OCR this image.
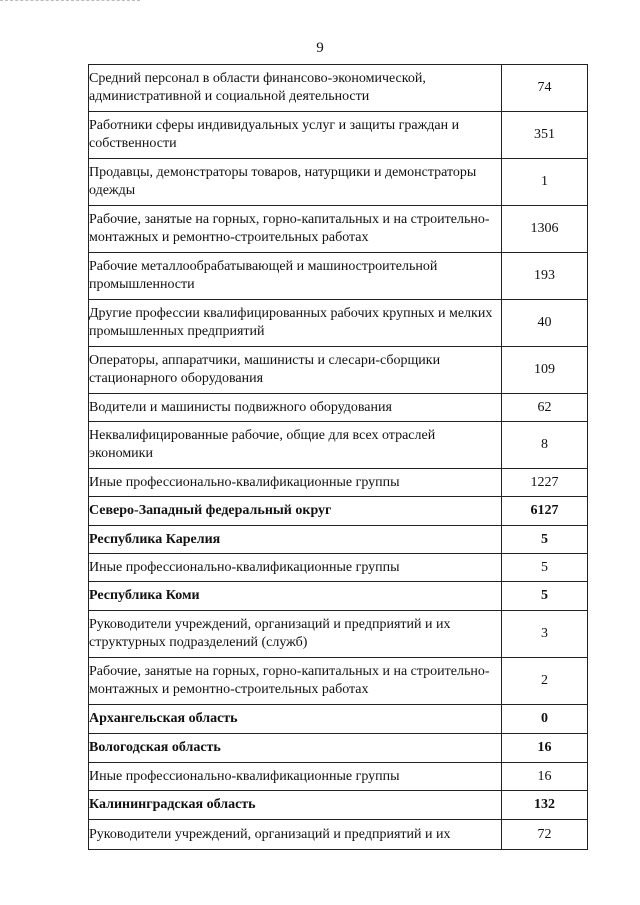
9
Средний персонал в области финансово-экономической, административной и социальной деятельности	74
Работники сферы индивидуальных услуг и защиты граждан и собственности	351
Продавцы, демонстраторы товаров, натурщики и демонстраторы одежды	1
Рабочие, занятые на горных, горно-капитальных и на строительно-монтажных и ремонтно-строительных работах	1306
Рабочие металлообрабатывающей и машиностроительной промышленности	193
Другие профессии квалифицированных рабочих крупных и мелких промышленных предприятий	40
Операторы, аппаратчики, машинисты и слесари-сборщики стационарного оборудования	109
Водители и машинисты подвижного оборудования	62
Неквалифицированные рабочие, общие для всех отраслей экономики	8
Иные профессионально-квалификационные группы	1227
Северо-Западный федеральный округ	6127
Республика Карелия	5
Иные профессионально-квалификационные группы	5
Республика Коми	5
Руководители учреждений, организаций и предприятий и их структурных подразделений (служб)	3
Рабочие, занятые на горных, горно-капитальных и на строительно-монтажных и ремонтно-строительных работах	2
Архангельская область	0
Вологодская область	16
Иные профессионально-квалификационные группы	16
Калининградская область	132
Руководители учреждений, организаций и предприятий и их	72
